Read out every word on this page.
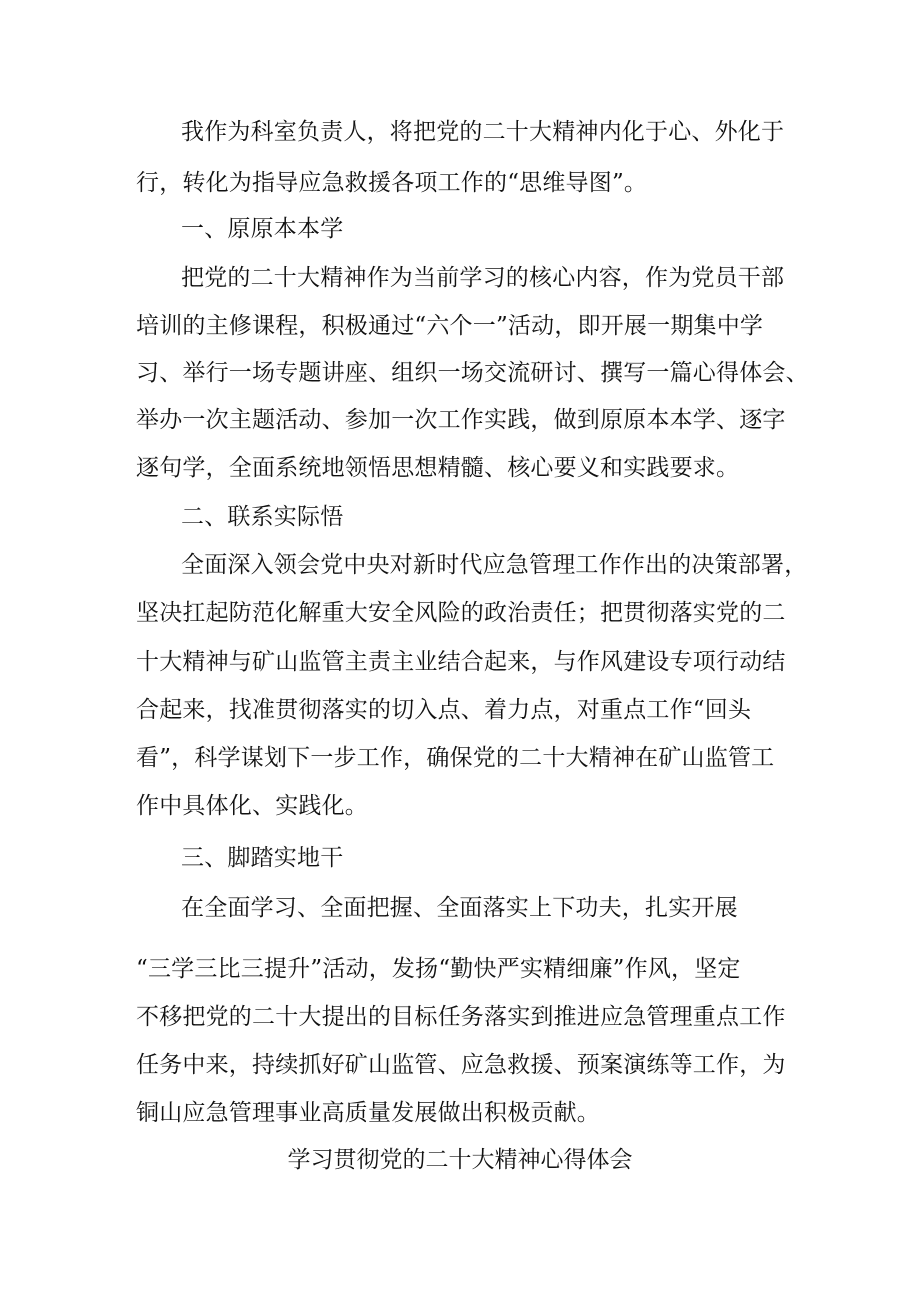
我作为科室负责人，将把党的二十大精神内化于心、外化于
行，转化为指导应急救援各项工作的“思维导图”。
一、原原本本学
把党的二十大精神作为当前学习的核心内容，作为党员干部
培训的主修课程，积极通过“六个一”活动，即开展一期集中学
习、举行一场专题讲座、组织一场交流研讨、撰写一篇心得体会、
举办一次主题活动、参加一次工作实践，做到原原本本学、逐字
逐句学，全面系统地领悟思想精髓、核心要义和实践要求。
二、联系实际悟
全面深入领会党中央对新时代应急管理工作作出的决策部署，
坚决扛起防范化解重大安全风险的政治责任；把贯彻落实党的二
十大精神与矿山监管主责主业结合起来，与作风建设专项行动结
合起来，找准贯彻落实的切入点、着力点，对重点工作“回头
看”，科学谋划下一步工作，确保党的二十大精神在矿山监管工
作中具体化、实践化。
三、脚踏实地干
在全面学习、全面把握、全面落实上下功夫，扎实开展
“三学三比三提升”活动，发扬“勤快严实精细廉”作风，坚定
不移把党的二十大提出的目标任务落实到推进应急管理重点工作
任务中来，持续抓好矿山监管、应急救援、预案演练等工作，为
铜山应急管理事业高质量发展做出积极贡献。
学习贯彻党的二十大精神心得体会
